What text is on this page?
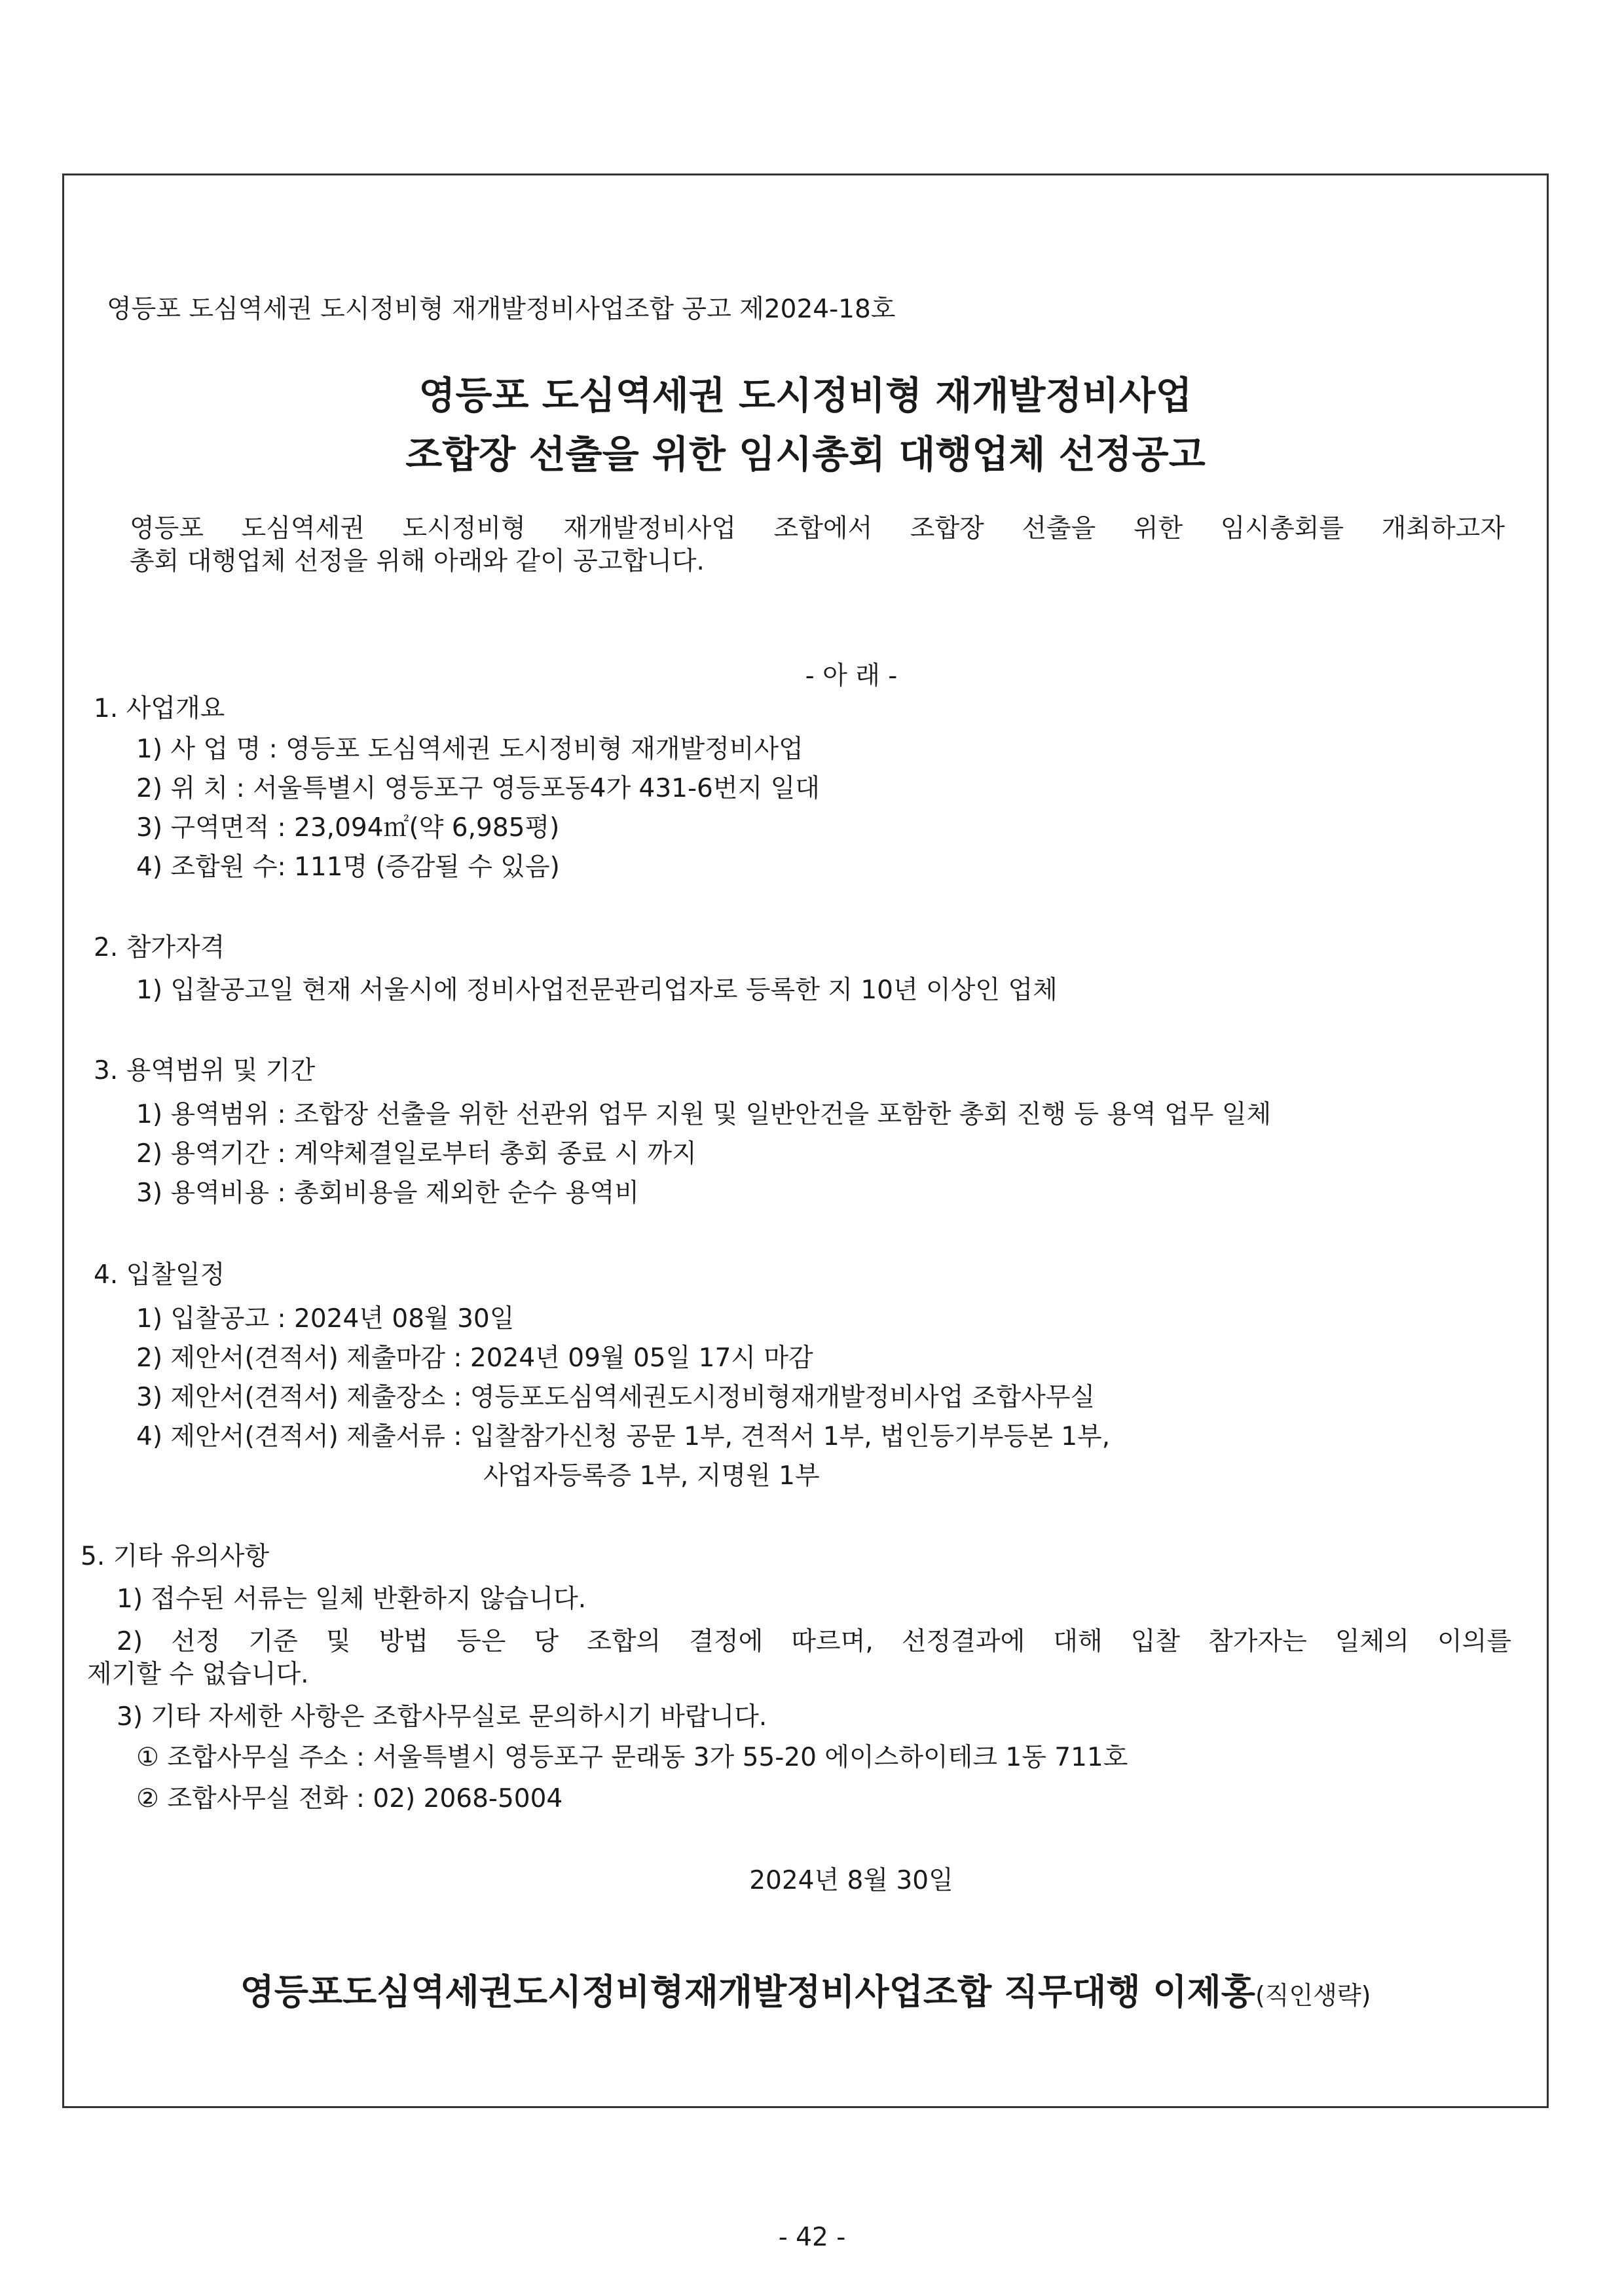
영등포 도심역세권 도시정비형 재개발정비사업조합 공고 제2024-18호
영등포 도심역세권 도시정비형 재개발정비사업
조합장 선출을 위한 임시총회 대행업체 선정공고
영등포 도심역세권 도시정비형 재개발정비사업 조합에서 조합장 선출을 위한 임시총회를 개최하고자
총회 대행업체 선정을 위해 아래와 같이 공고합니다.
- 아 래 -
1. 사업개요
1) 사 업 명 : 영등포 도심역세권 도시정비형 재개발정비사업
2) 위 치 : 서울특별시 영등포구 영등포동4가 431-6번지 일대
3) 구역면적 : 23,094㎡(약 6,985평)
4) 조합원 수: 111명 (증감될 수 있음)
2. 참가자격
1) 입찰공고일 현재 서울시에 정비사업전문관리업자로 등록한 지 10년 이상인 업체
3. 용역범위 및 기간
1) 용역범위 : 조합장 선출을 위한 선관위 업무 지원 및 일반안건을 포함한 총회 진행 등 용역 업무 일체
2) 용역기간 : 계약체결일로부터 총회 종료 시 까지
3) 용역비용 : 총회비용을 제외한 순수 용역비
4. 입찰일정
1) 입찰공고 : 2024년 08월 30일
2) 제안서(견적서) 제출마감 : 2024년 09월 05일 17시 마감
3) 제안서(견적서) 제출장소 : 영등포도심역세권도시정비형재개발정비사업 조합사무실
4) 제안서(견적서) 제출서류 : 입찰참가신청 공문 1부, 견적서 1부, 법인등기부등본 1부,
사업자등록증 1부, 지명원 1부
5. 기타 유의사항
1) 접수된 서류는 일체 반환하지 않습니다.
2) 선정 기준 및 방법 등은 당 조합의 결정에 따르며, 선정결과에 대해 입찰 참가자는 일체의 이의를
제기할 수 없습니다.
3) 기타 자세한 사항은 조합사무실로 문의하시기 바랍니다.
① 조합사무실 주소 : 서울특별시 영등포구 문래동 3가 55-20 에이스하이테크 1동 711호
② 조합사무실 전화 : 02) 2068-5004
2024년 8월 30일
영등포도심역세권도시정비형재개발정비사업조합 직무대행 이제홍(직인생략)
- 42 -
